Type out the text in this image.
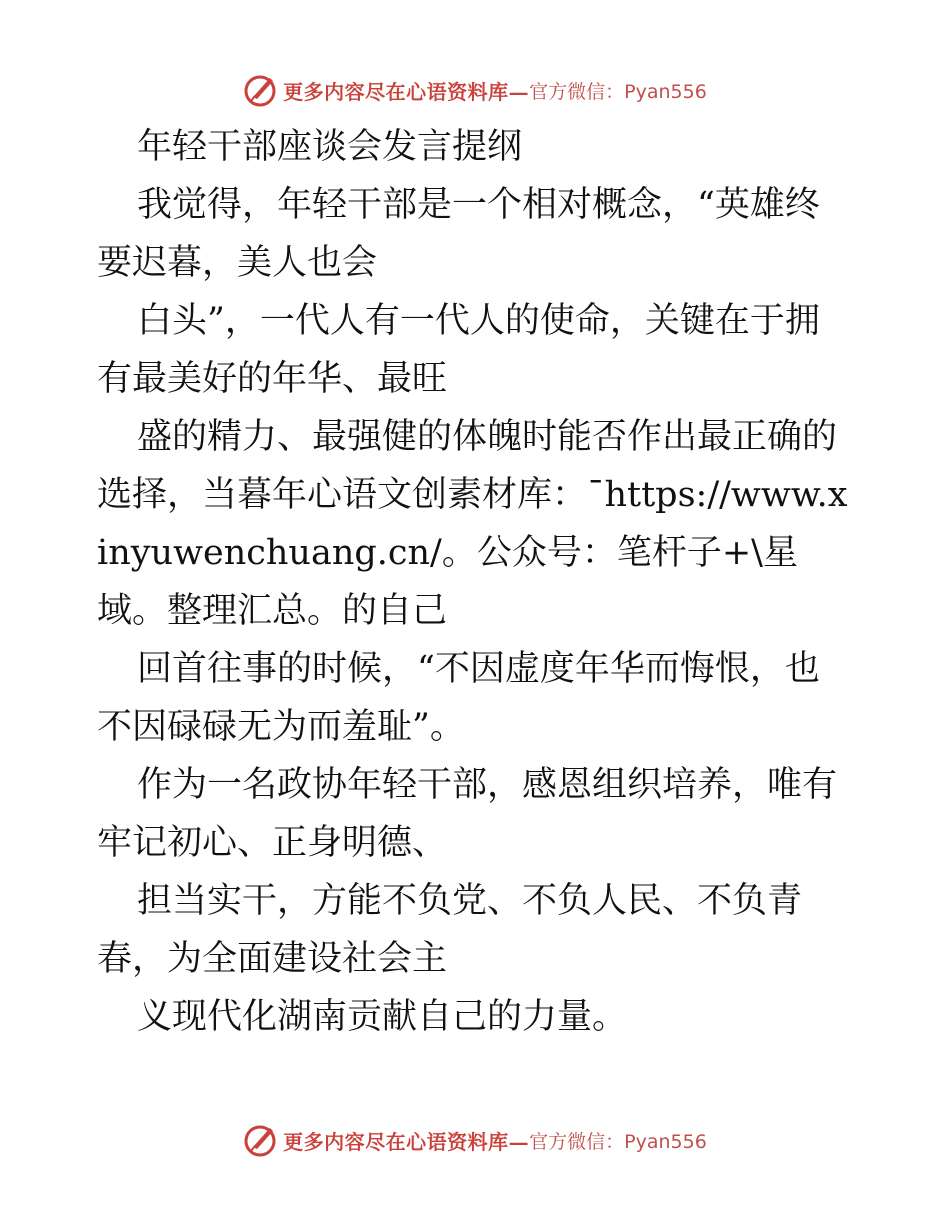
更多内容尽在心语资料库— 官方微信：Pyan556

年轻干部座谈会发言提纲

我觉得，年轻干部是一个相对概念，“英雄终要迟暮，美人也会

白头”，一代人有一代人的使命，关键在于拥有最美好的年华、最旺

盛的精力、最强健的体魄时能否作出最正确的选择，当暮年心语文创素材库：¯https://www.xinyuwenchuang.cn/。公众号：笔杆子+\星域。整理汇总。的自己

回首往事的时候，“不因虚度年华而悔恨，也不因碌碌无为而羞耻”。

作为一名政协年轻干部，感恩组织培养，唯有牢记初心、正身明德、

担当实干，方能不负党、不负人民、不负青春，为全面建设社会主

义现代化湖南贡献自己的力量。

更多内容尽在心语资料库— 官方微信：Pyan556
